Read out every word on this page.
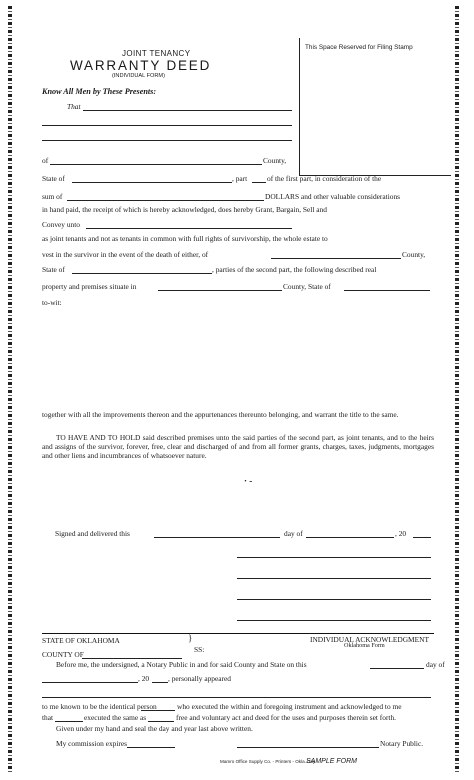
JOINT TENANCY
WARRANTY DEED
(INDIVIDUAL FORM)
This Space Reserved for Filing Stamp
Know All Men by These Presents:
That
of	County,
State of	, part	of the first part, in consideration of the
sum of	DOLLARS and other valuable considerations
in hand paid, the receipt of which is hereby acknowledged, does hereby Grant, Bargain, Sell and
Convey unto
as joint tenants and not as tenants in common with full rights of survivorship, the whole estate to
vest in the survivor in the event of the death of either, of	County,
State of	, parties of the second part, the following described real
property and premises situate in	County, State of
to-wit:
together with all the improvements thereon and the appurtenances thereunto belonging, and warrant the title to the same.
TO HAVE AND TO HOLD said described premises unto the said parties of the second part, as joint tenants, and to the heirs and assigns of the survivor, forever, free, clear and discharged of and from all former grants, charges, taxes, judgments, mortgages and other liens and incumbrances of whatsoever nature.
· -
Signed and delivered this	day of	, 20
STATE OF OKLAHOMA	}
SS:
INDIVIDUAL ACKNOWLEDGMENT
Oklahoma Form
COUNTY OF
Before me, the undersigned, a Notary Public in and for said County and State on this	day of
, 20	, personally appeared
to me known to be the identical person	who executed the within and foregoing instrument and acknowledged to me
that	executed the same as	free and voluntary act and deed for the uses and purposes therein set forth.
Given under my hand and seal the day and year last above written.
My commission expires	Notary Public.
Mamro Office Supply Co. - Printers - Okla. City
SAMPLE FORM
